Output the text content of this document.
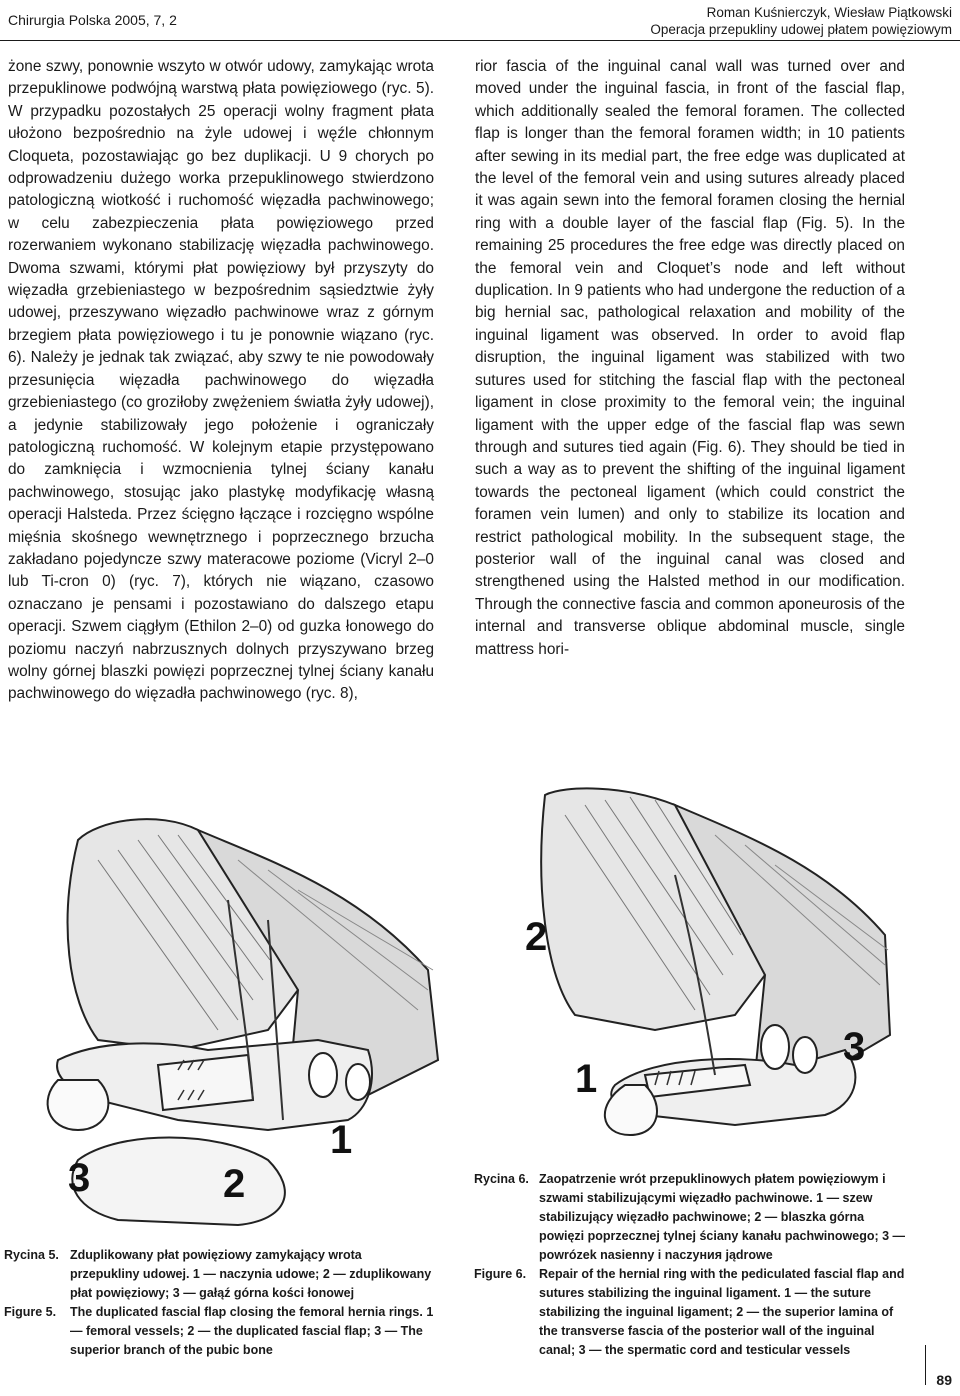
Chirurgia Polska 2005, 7, 2	Roman Kuśnierczyk, Wiesław Piątkowski
Operacja przepukliny udowej płatem powięziowym

żone szwy, ponownie wszyto w otwór udowy, zamykając wrota przepuklinowe podwójną warstwą płata powięziowego (ryc. 5). W przypadku pozostałych 25 operacji wolny fragment płata ułożono bezpośrednio na żyle udowej i węźle chłonnym Cloqueta, pozostawiając go bez duplikacji. U 9 chorych po odprowadzeniu dużego worka przepuklinowego stwierdzono patologiczną wiotkość i ruchomość więzadła pachwinowego; w celu zabezpieczenia płata powięziowego przed rozerwaniem wykonano stabilizację więzadła pachwinowego. Dwoma szwami, którymi płat powięziowy był przyszyty do więzadła grzebieniastego w bezpośrednim sąsiedztwie żyły udowej, przeszywano więzadło pachwinowe wraz z górnym brzegiem płata powięziowego i tu je ponownie wiązano (ryc. 6). Należy je jednak tak związać, aby szwy te nie powodowały przesunięcia więzadła pachwinowego do więzadła grzebieniastego (co groziłoby zwężeniem światła żyły udowej), a jedynie stabilizowały jego położenie i ograniczały patologiczną ruchomość. W kolejnym etapie przystępowano do zamknięcia i wzmocnienia tylnej ściany kanału pachwinowego, stosując jako plastykę modyfikację własną operacji Halsteda. Przez ścięgno łączące i rozcięgno wspólne mięśnia skośnego wewnętrznego i poprzecznego brzucha zakładano pojedyncze szwy materacowe poziome (Vicryl 2–0 lub Ti-cron 0) (ryc. 7), których nie wiązano, czasowo oznaczano je pensami i pozostawiano do dalszego etapu operacji. Szwem ciągłym (Ethilon 2–0) od guzka łonowego do poziomu naczyń nabrzusznych dolnych przyszywano brzeg wolny górnej blaszki powięzi poprzecznej tylnej ściany kanału pachwinowego do więzadła pachwinowego (ryc. 8),

rior fascia of the inguinal canal wall was turned over and moved under the inguinal fascia, in front of the fascial flap, which additionally sealed the femoral foramen. The collected flap is longer than the femoral foramen width; in 10 patients after sewing in its medial part, the free edge was duplicated at the level of the femoral vein and using sutures already placed it was again sewn into the femoral foramen closing the hernial ring with a double layer of the fascial flap (Fig. 5). In the remaining 25 procedures the free edge was directly placed on the femoral vein and Cloquet’s node and left without duplication. In 9 patients who had undergone the reduction of a big hernial sac, pathological relaxation and mobility of the inguinal ligament was observed. In order to avoid flap disruption, the inguinal ligament was stabilized with two sutures used for stitching the fascial flap with the pectoneal ligament in close proximity to the femoral vein; the inguinal ligament with the upper edge of the fascial flap was sewn through and sutures tied again (Fig. 6). They should be tied in such a way as to prevent the shifting of the inguinal ligament towards the pectoneal ligament (which could constrict the foramen vein lumen) and only to stabilize its location and restrict pathological mobility. In the subsequent stage, the posterior wall of the inguinal canal was closed and strengthened using the Halsted method in our modification. Through the connective fascia and common aponeurosis of the internal and transverse oblique abdominal muscle, single mattress hori-

3	2
1
2
3
1
Rycina 5. Zduplikowany płat powięziowy zamykający wrota przepukliny udowej. 1 — naczynia udowe; 2 — zduplikowany płat powięziowy; 3 — gałąź górna kości łonowej
Figure 5.	The duplicated fascial flap closing the femoral hernia rings. 1 — femoral vessels; 2 — the duplicated fascial flap; 3 — The superior branch of the pubic bone
Rycina 6. Zaopatrzenie wrót przepuklinowych płatem powięziowym i szwami stabilizującymi więzadło pachwinowe. 1 — szew stabilizujący więzadło pachwinowe; 2 — blaszka górna powięzi poprzecznej tylnej ściany kanału pachwinowego; 3 — powrózek nasienny i naczyния jądrowe
Figure 6.	Repair of the hernial ring with the pediculated fascial flap and sutures stabilizing the inguinal ligament. 1 — the suture stabilizing the inguinal ligament; 2 — the superior lamina of the transverse fascia of the posterior wall of the inguinal canal; 3 — the spermatic cord and testicular vessels
89
